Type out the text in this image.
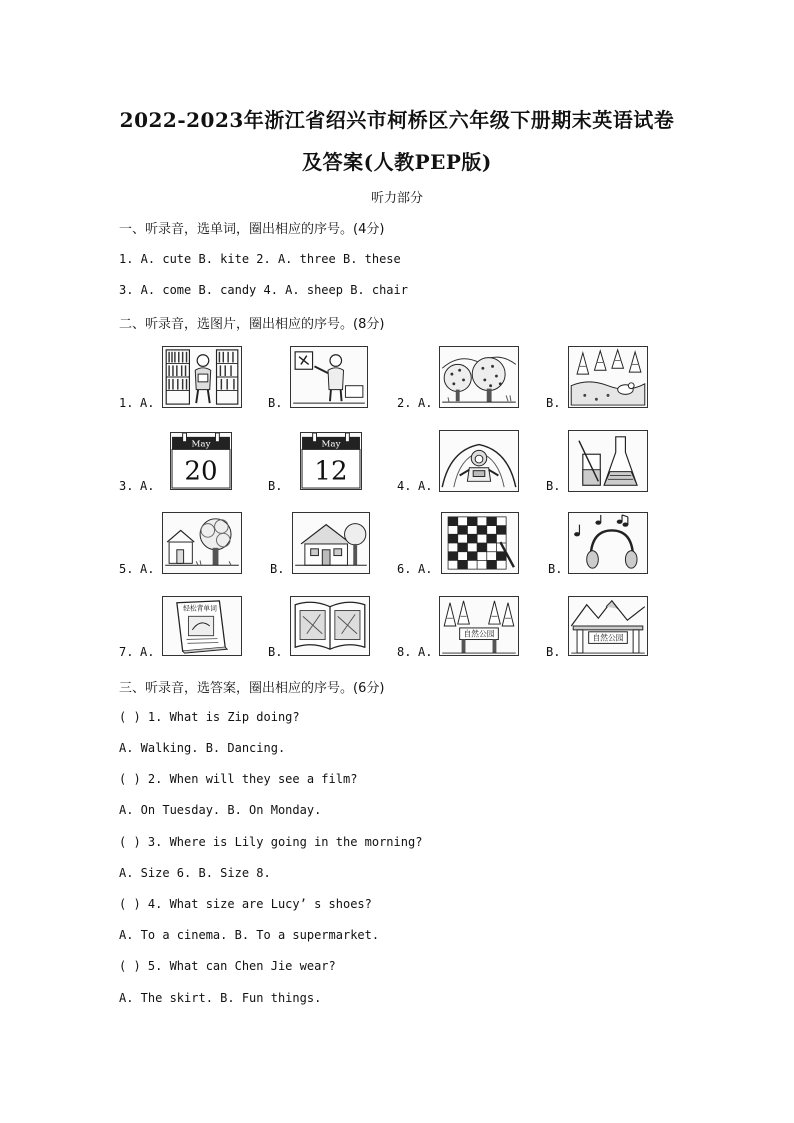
2022-2023年浙江省绍兴市柯桥区六年级下册期末英语试卷
及答案(人教PEP版)
听力部分
一、听录音，选单词，圈出相应的序号。(4分)
1. A. cute B. kite 2. A. three B. these
3. A. come B. candy 4. A. sheep B. chair
二、听录音，选图片，圈出相应的序号。(8分)
1. A.	B.	2. A.	B.
3. A.
May
20	B.
May
12	4. A.	B.
5. A.	B.	6. A.	B.
7. A.
轻松背单词
B.	8. A.
自然公园
B.
自然公园
三、听录音，选答案，圈出相应的序号。(6分)
( ) 1. What is Zip doing?
A. Walking. B. Dancing.
( ) 2. When will they see a film?
A. On Tuesday. B. On Monday.
( ) 3. Where is Lily going in the morning?
A. Size 6. B. Size 8.
( ) 4. What size are Lucy’ s shoes?
A. To a cinema. B. To a supermarket.
( ) 5. What can Chen Jie wear?
A. The skirt. B. Fun things.
